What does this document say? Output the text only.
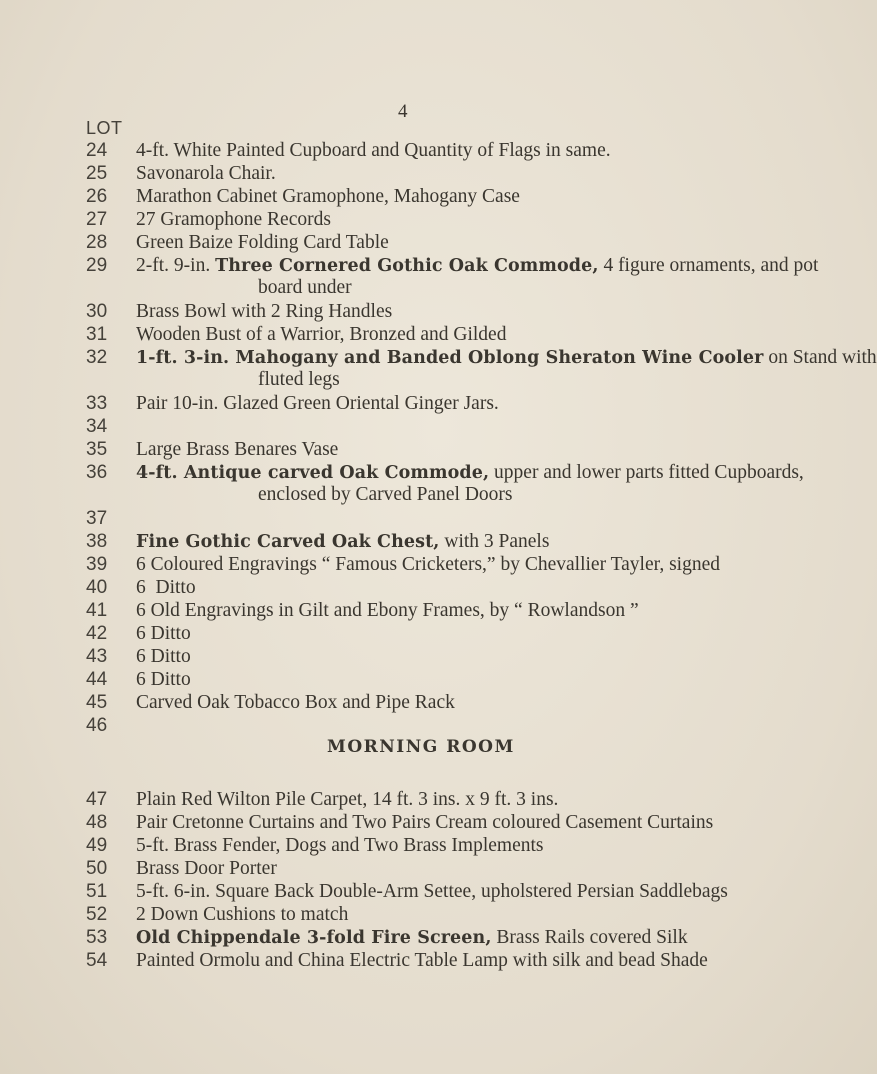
4
LOT
24	4-ft. White Painted Cupboard and Quantity of Flags in same.
25	Savonarola Chair.
26	Marathon Cabinet Gramophone, Mahogany Case
27	27 Gramophone Records
28	Green Baize Folding Card Table
29	2-ft. 9-in. Three Cornered Gothic Oak Commode, 4 figure ornaments, and pot
board under
30	Brass Bowl with 2 Ring Handles
31	Wooden Bust of a Warrior, Bronzed and Gilded
32	1-ft. 3-in. Mahogany and Banded Oblong Sheraton Wine Cooler on Stand with
fluted legs
33	Pair 10-in. Glazed Green Oriental Ginger Jars.
34
35	Large Brass Benares Vase
36	4-ft. Antique carved Oak Commode, upper and lower parts fitted Cupboards,
enclosed by Carved Panel Doors
37
38	Fine Gothic Carved Oak Chest, with 3 Panels
39	6 Coloured Engravings “ Famous Cricketers,” by Chevallier Tayler, signed
40	6  Ditto
41	6 Old Engravings in Gilt and Ebony Frames, by “ Rowlandson ”
42	6 Ditto
43	6 Ditto
44	6 Ditto
45	Carved Oak Tobacco Box and Pipe Rack
46
MORNING ROOM
47	Plain Red Wilton Pile Carpet, 14 ft. 3 ins. x 9 ft. 3 ins.
48	Pair Cretonne Curtains and Two Pairs Cream coloured Casement Curtains
49	5-ft. Brass Fender, Dogs and Two Brass Implements
50	Brass Door Porter
51	5-ft. 6-in. Square Back Double-Arm Settee, upholstered Persian Saddlebags
52	2 Down Cushions to match
53	Old Chippendale 3-fold Fire Screen, Brass Rails covered Silk
54	Painted Ormolu and China Electric Table Lamp with silk and bead Shade
